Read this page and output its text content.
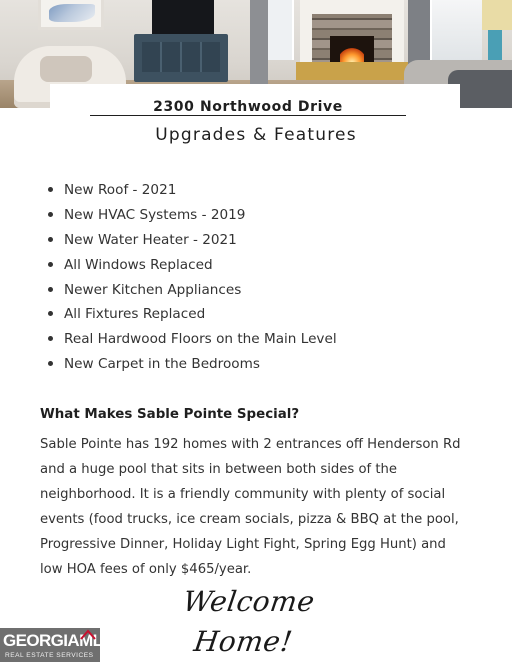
2300 Northwood Drive
Upgrades & Features
New Roof - 2021
New HVAC Systems - 2019
New Water Heater - 2021
All Windows Replaced
Newer Kitchen Appliances
All Fixtures Replaced
Real Hardwood Floors on the Main Level
New Carpet in the Bedrooms
What Makes Sable Pointe Special?

Sable Pointe has 192 homes with 2 entrances off Henderson Rd and a huge pool that sits in between both sides of the neighborhood. It is a friendly community with plenty of social events (food trucks, ice cream socials, pizza & BBQ at the pool, Progressive Dinner, Holiday Light Fight, Spring Egg Hunt) and low HOA fees of only $465/year.

Welcome Home!
GEORGIAMLS
REAL ESTATE SERVICES
